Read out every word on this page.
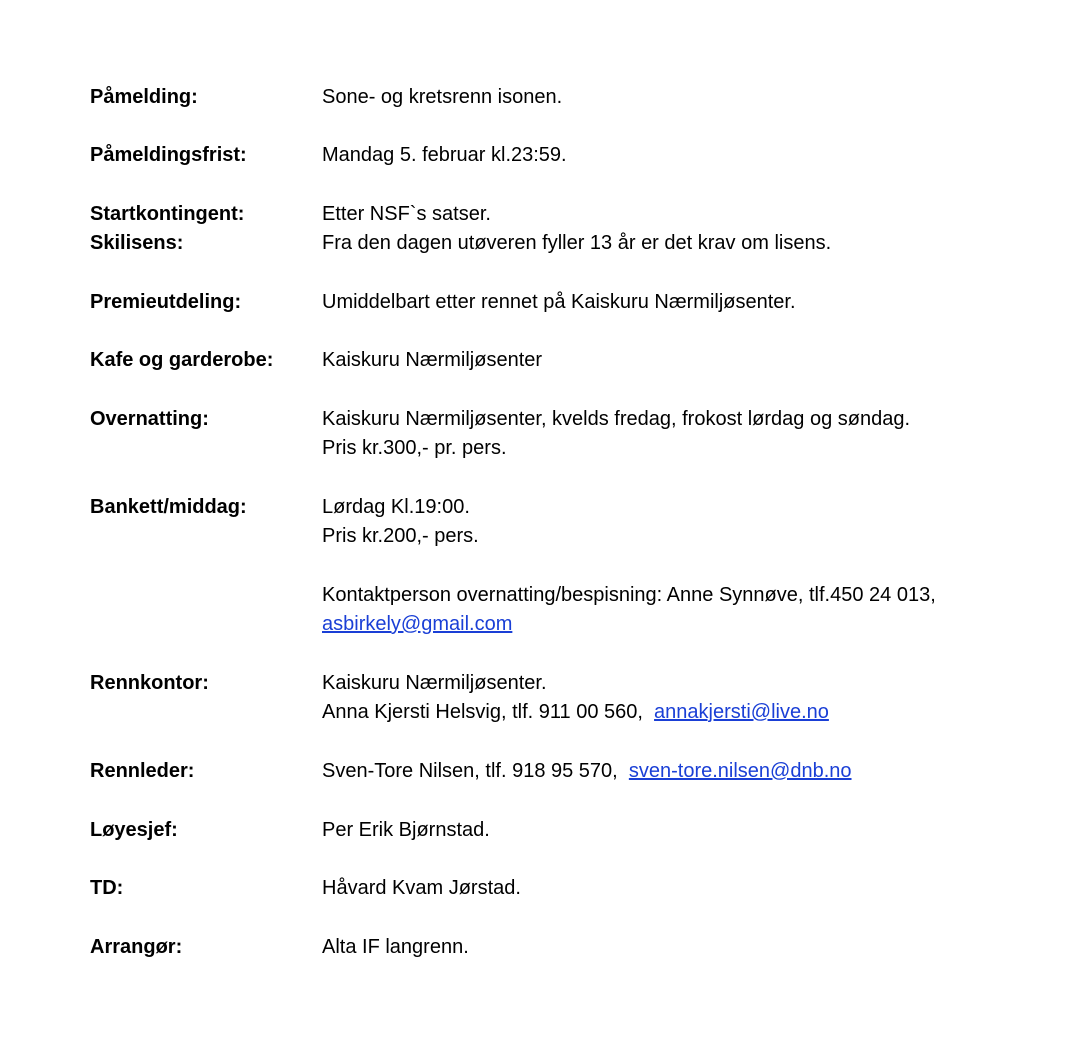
Påmelding:	Sone- og kretsrenn isonen.
Påmeldingsfrist:	Mandag 5. februar kl.23:59.
Startkontingent:	Etter NSF`s satser.
Skilisens:	Fra den dagen utøveren fyller 13 år er det krav om lisens.
Premieutdeling:	Umiddelbart etter rennet på Kaiskuru Nærmiljøsenter.
Kafe og garderobe:	Kaiskuru Nærmiljøsenter
Overnatting:	Kaiskuru Nærmiljøsenter, kvelds fredag, frokost lørdag og søndag.
Pris kr.300,- pr. pers.
Bankett/middag:	Lørdag Kl.19:00.
Pris kr.200,- pers.
Kontaktperson overnatting/bespisning: Anne Synnøve, tlf.450 24 013,
asbirkely@gmail.com
Rennkontor:	Kaiskuru Nærmiljøsenter.
Anna Kjersti Helsvig, tlf. 911 00 560, annakjersti@live.no
Rennleder:	Sven-Tore Nilsen, tlf. 918 95 570, sven-tore.nilsen@dnb.no
Løyesjef:	Per Erik Bjørnstad.
TD:	Håvard Kvam Jørstad.
Arrangør:	Alta IF langrenn.
